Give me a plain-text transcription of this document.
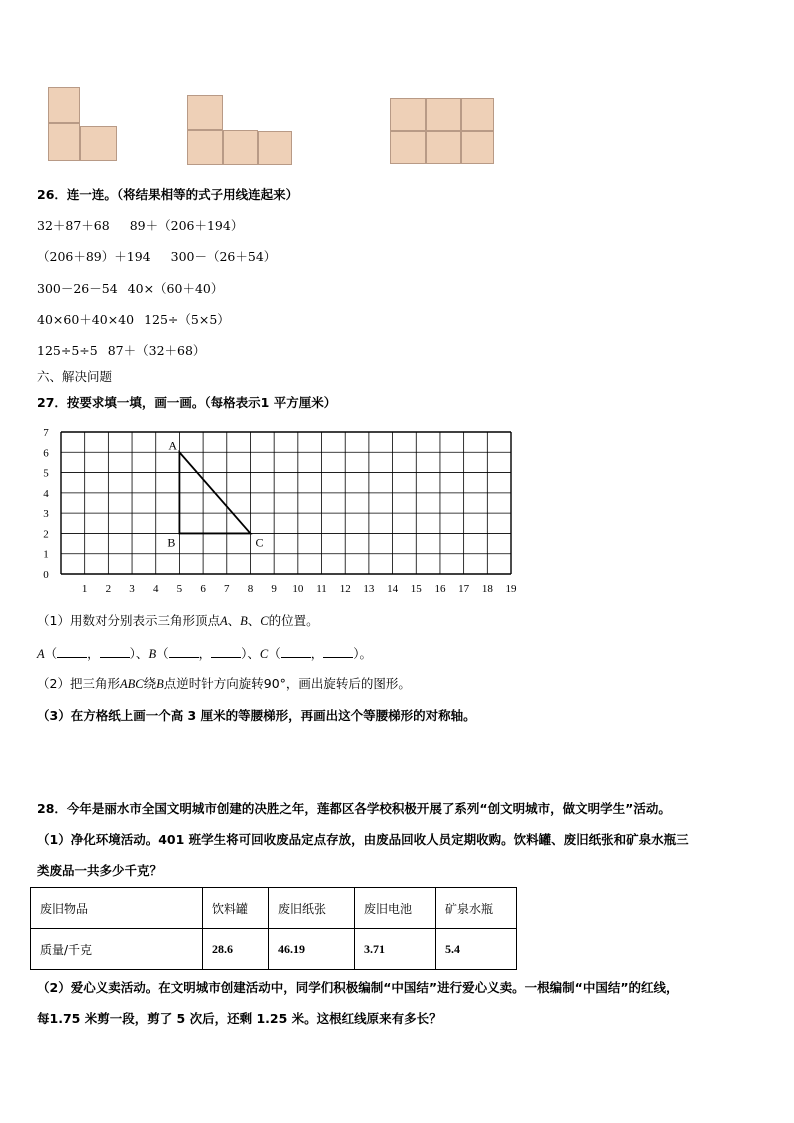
26．连一连。（将结果相等的式子用线连起来）
32＋87＋68 89＋（206＋194）
（206＋89）＋194 300－（26＋54）
300－26－54 40×（60＋40）
40×60＋40×40 125÷（5×5）
125÷5÷5 87＋（32＋68）
六、解决问题
27．按要求填一填，画一画。（每格表示1 平方厘米）
1 2 3 4 5 6 7 8 9 10 11 12 13 14 15 16 17 18 19
0
1
2
3
4
5
6
7
A
B	C
（1）用数对分别表示三角形顶点A、B、C的位置。
A（ ， ）、B（ ， ）、C（ ， ）。
（2）把三角形ABC绕B点逆时针方向旋转90°，画出旋转后的图形。
（3）在方格纸上画一个高 3 厘米的等腰梯形，再画出这个等腰梯形的对称轴。
28．今年是丽水市全国文明城市创建的决胜之年，莲都区各学校积极开展了系列“创文明城市，做文明学生”活动。
（1）净化环境活动。401 班学生将可回收废品定点存放，由废品回收人员定期收购。饮料罐、废旧纸张和矿泉水瓶三
类废品一共多少千克？
废旧物品	饮料罐	废旧纸张	废旧电池	矿泉水瓶
质量/千克	28.6	46.19	3.71	5.4
（2）爱心义卖活动。在文明城市创建活动中，同学们积极编制“中国结”进行爱心义卖。一根编制“中国结”的红线，
每1.75 米剪一段，剪了 5 次后，还剩 1.25 米。这根红线原来有多长？
